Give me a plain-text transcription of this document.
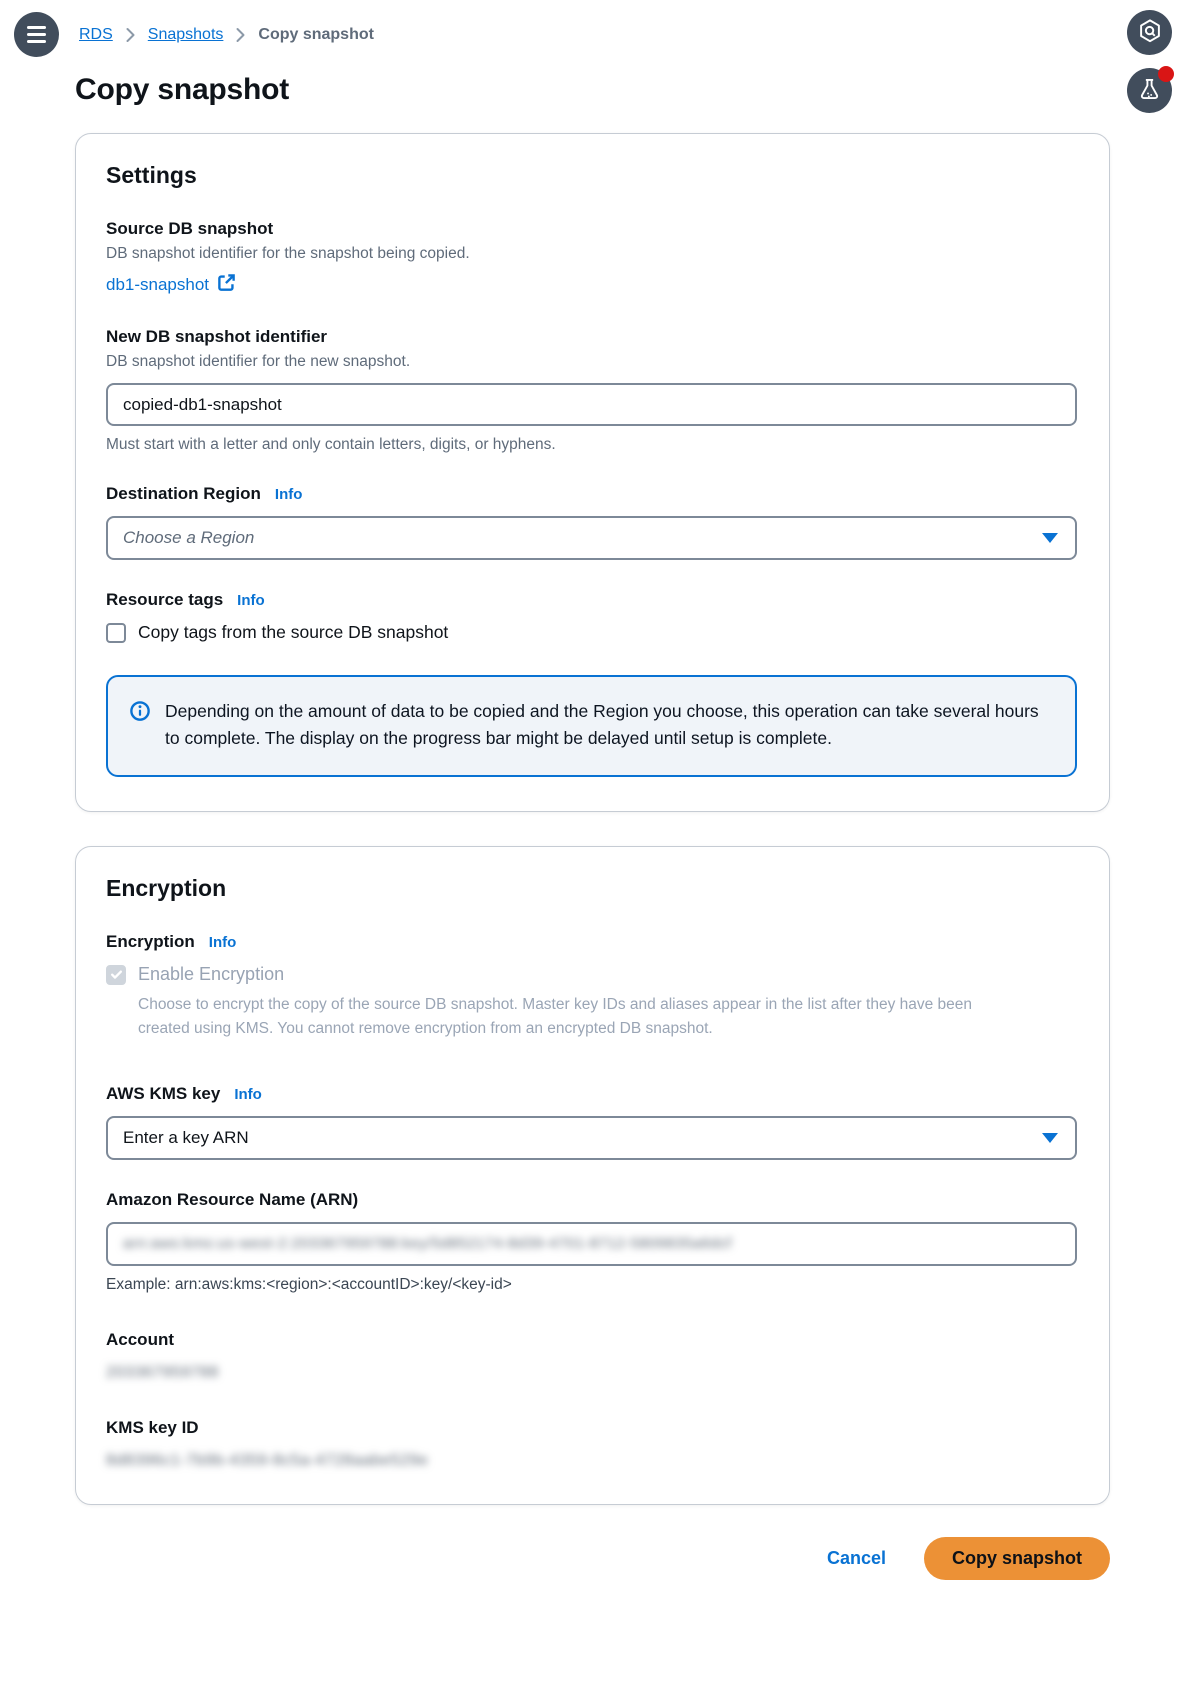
RDS Snapshots Copy snapshot
Copy snapshot
Settings
Source DB snapshot
DB snapshot identifier for the snapshot being copied.
db1-snapshot
New DB snapshot identifier
DB snapshot identifier for the new snapshot.
copied-db1-snapshot
Must start with a letter and only contain letters, digits, or hyphens.
Destination Region Info
Choose a Region
Resource tags Info
Copy tags from the source DB snapshot
Depending on the amount of data to be copied and the Region you choose, this operation can take several hours to complete. The display on the progress bar might be delayed until setup is complete.
Encryption
Encryption Info
Enable Encryption
Choose to encrypt the copy of the source DB snapshot. Master key IDs and aliases appear in the list after they have been created using KMS. You cannot remove encryption from an encrypted DB snapshot.
AWS KMS key Info
Enter a key ARN
Amazon Resource Name (ARN)
arn:aws:kms:us-west-2:203367959788:key/5d852174-8d39-4701-8712-5809835a6dcf
Example: arn:aws:kms:<region>:<accountID>:key/<key-id>
Account
203367959788
KMS key ID
8d8396c1-7b9b-4359-8c5a-4728aabe529e
Cancel	Copy snapshot
